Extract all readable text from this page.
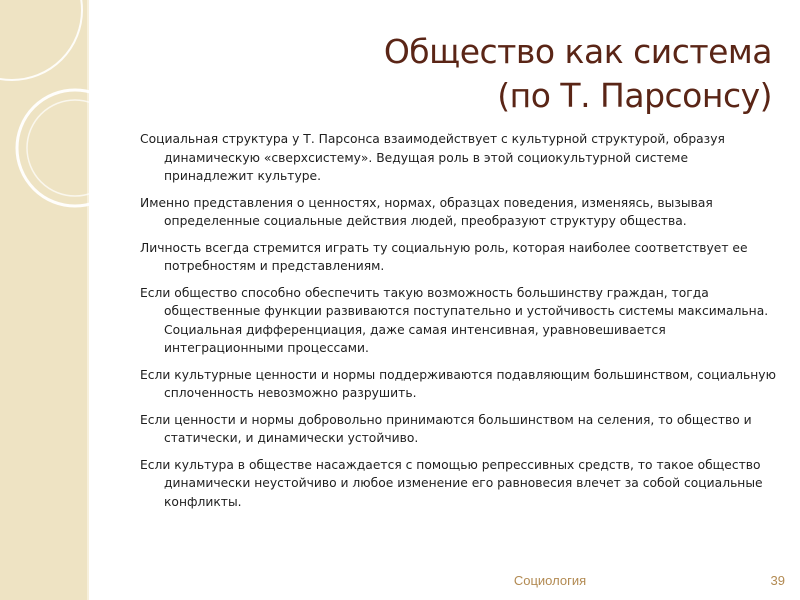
Общество как система
(по Т. Парсонсу)

Социальная структура у Т. Парсонса взаимодействует с культурной структурой, образуя динамическую «сверхсистему». Ведущая роль в этой социокультурной системе принадлежит культуре.

Именно представления о ценностях, нормах, образцах поведения, изменяясь, вызывая определенные социальные действия людей, преобразуют структуру общества.

Личность всегда стремится играть ту социальную роль, которая наиболее соответствует ее потребностям и представлениям.

Если общество способно обеспечить такую возможность большинству граждан, тогда общественные функции развиваются поступательно и устойчивость системы максимальна. Социальная дифференциация, даже самая интенсивная, уравновешивается интеграционными процессами.

Если культурные ценности и нормы поддерживаются подавляющим большинством, социальную сплоченность невозможно разрушить.

Если ценности и нормы добровольно принимаются большинством на селения, то общество и статически, и динамически устойчиво.

Если культура в обществе насаждается с помощью репрессивных средств, то такое общество динамически неустойчиво и любое изменение его равновесия влечет за собой социальные конфликты.

Социология	39
